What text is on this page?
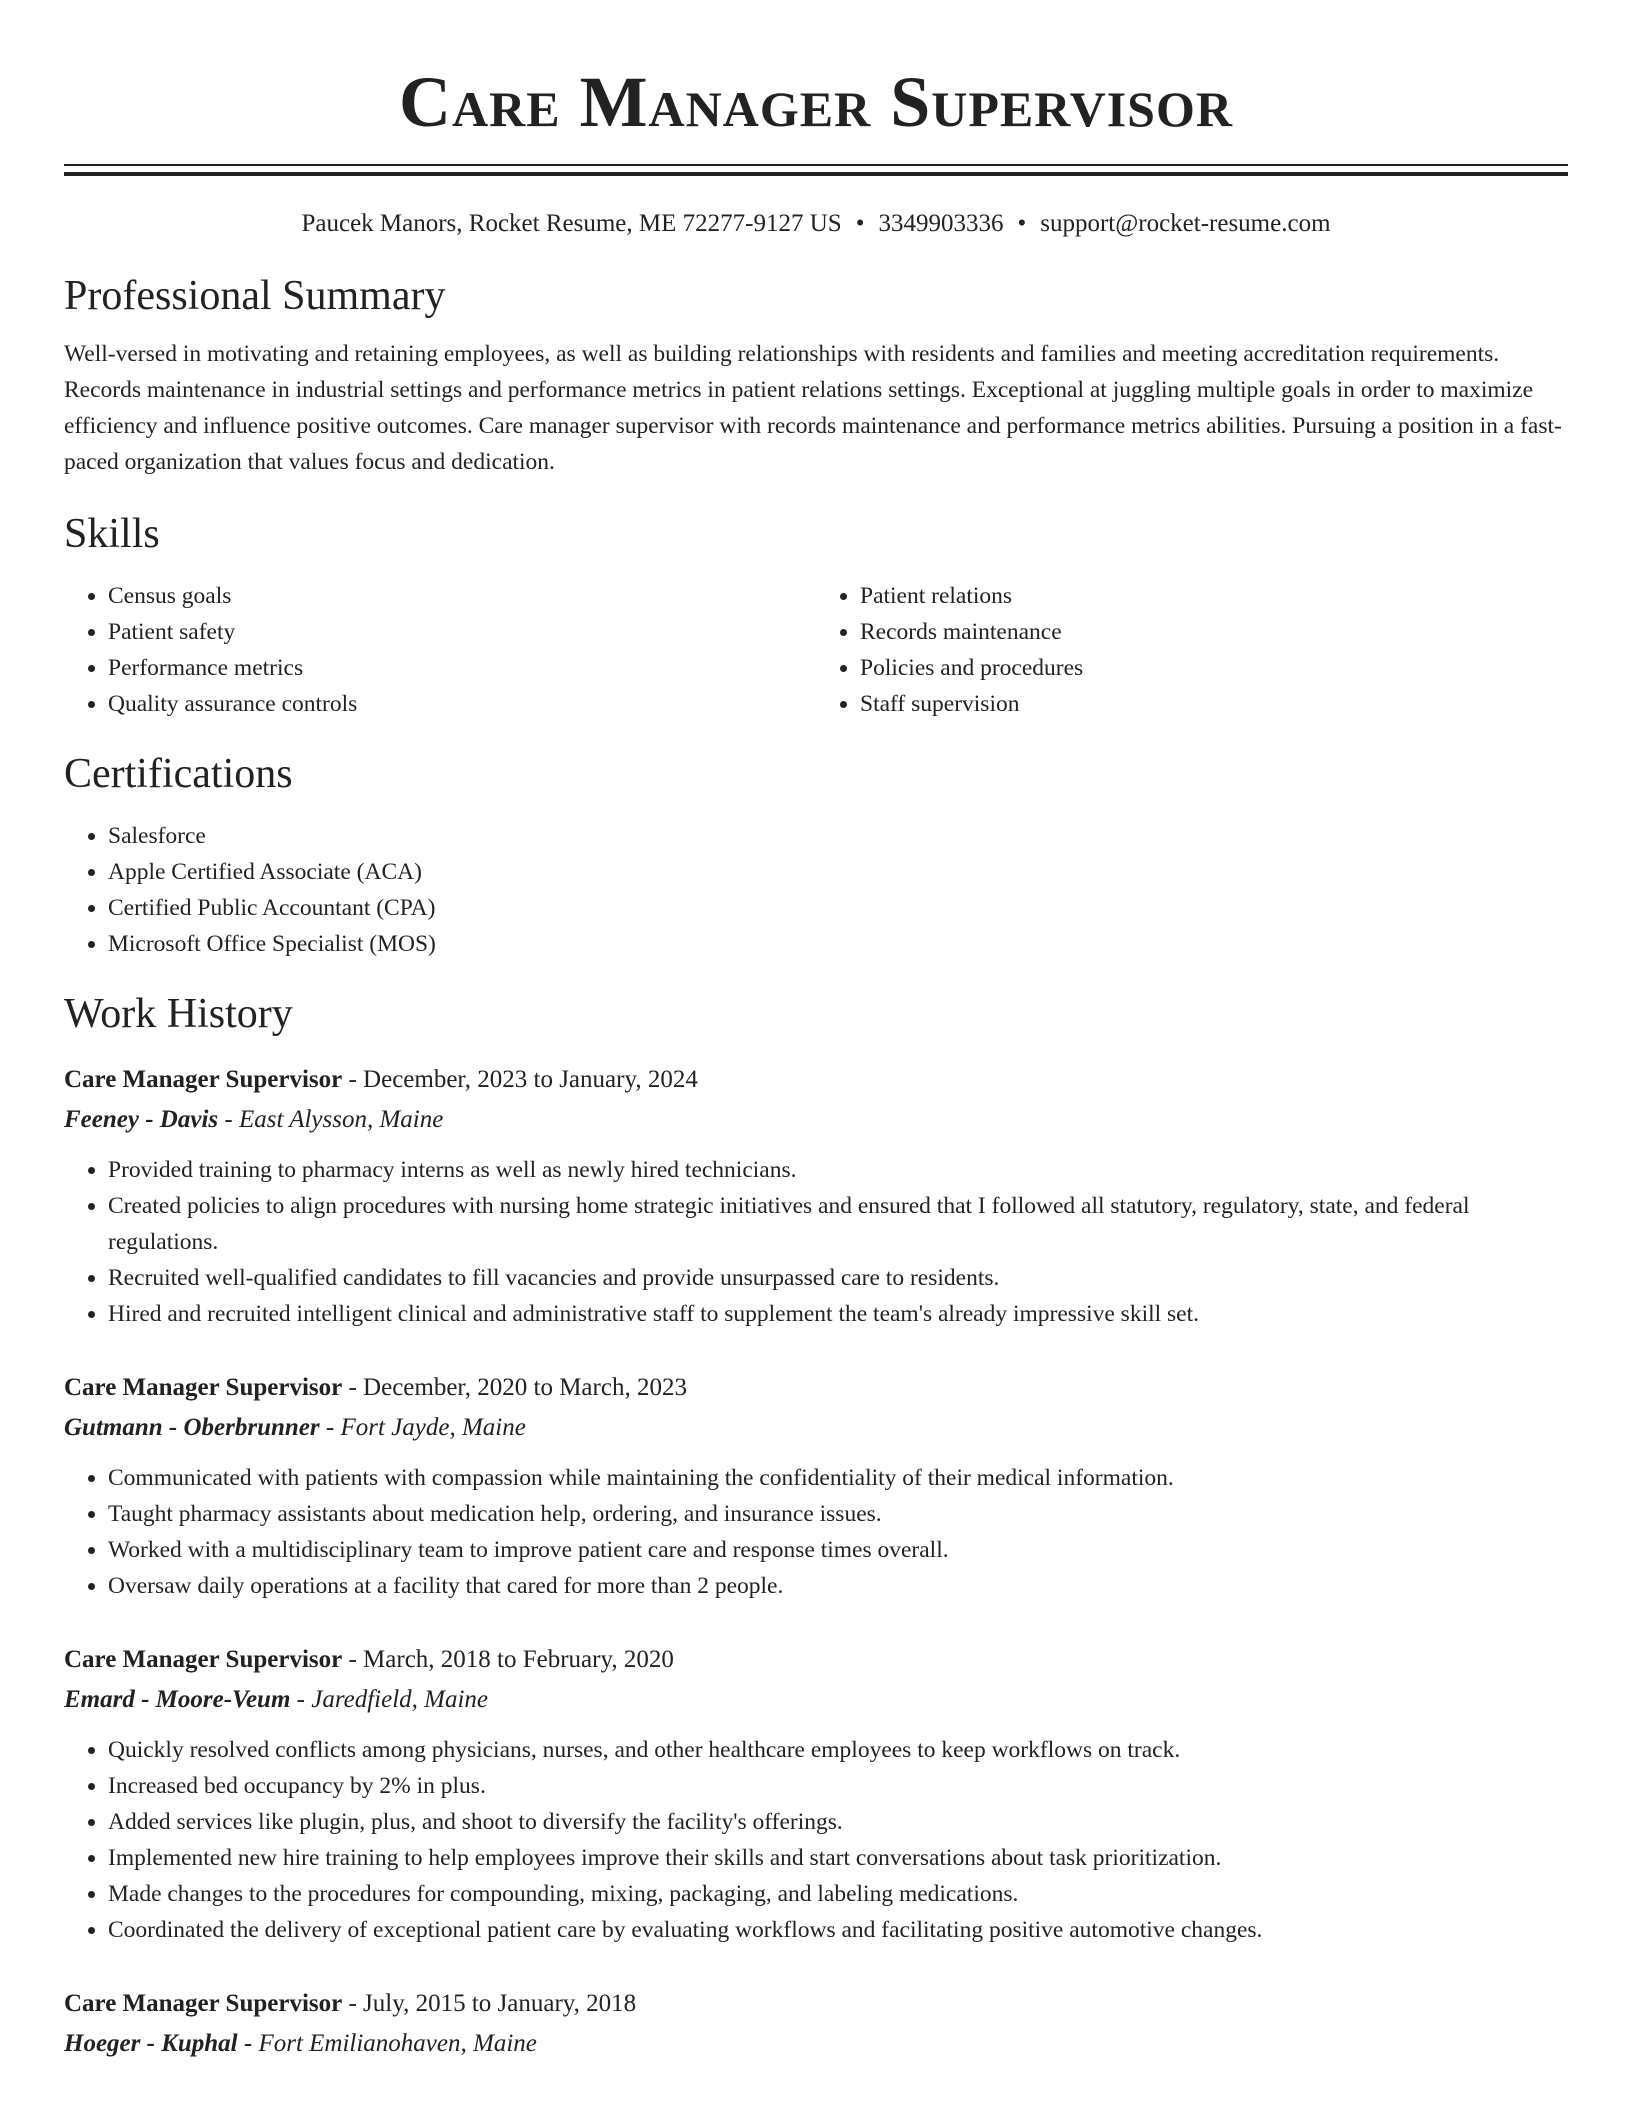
Care Manager Supervisor
Paucek Manors, Rocket Resume, ME 72277-9127 US • 3349903336 • support@rocket-resume.com
Professional Summary

Well-versed in motivating and retaining employees, as well as building relationships with residents and families and meeting accreditation requirements. Records maintenance in industrial settings and performance metrics in patient relations settings. Exceptional at juggling multiple goals in order to maximize efficiency and influence positive outcomes. Care manager supervisor with records maintenance and performance metrics abilities. Pursuing a position in a fast-paced organization that values focus and dedication.

Skills
• Census goals
• Patient safety
• Performance metrics
• Quality assurance controls
• Patient relations
• Records maintenance
• Policies and procedures
• Staff supervision
Certifications
• Salesforce
• Apple Certified Associate (ACA)
• Certified Public Accountant (CPA)
• Microsoft Office Specialist (MOS)
Work History
Care Manager Supervisor - December, 2023 to January, 2024
Feeney - Davis - East Alysson, Maine
• Provided training to pharmacy interns as well as newly hired technicians.
• Created policies to align procedures with nursing home strategic initiatives and ensured that I followed all statutory, regulatory, state, and federal regulations.
• Recruited well-qualified candidates to fill vacancies and provide unsurpassed care to residents.
• Hired and recruited intelligent clinical and administrative staff to supplement the team's already impressive skill set.
Care Manager Supervisor - December, 2020 to March, 2023
Gutmann - Oberbrunner - Fort Jayde, Maine
• Communicated with patients with compassion while maintaining the confidentiality of their medical information.
• Taught pharmacy assistants about medication help, ordering, and insurance issues.
• Worked with a multidisciplinary team to improve patient care and response times overall.
• Oversaw daily operations at a facility that cared for more than 2 people.
Care Manager Supervisor - March, 2018 to February, 2020
Emard - Moore-Veum - Jaredfield, Maine
• Quickly resolved conflicts among physicians, nurses, and other healthcare employees to keep workflows on track.
• Increased bed occupancy by 2% in plus.
• Added services like plugin, plus, and shoot to diversify the facility's offerings.
• Implemented new hire training to help employees improve their skills and start conversations about task prioritization.
• Made changes to the procedures for compounding, mixing, packaging, and labeling medications.
• Coordinated the delivery of exceptional patient care by evaluating workflows and facilitating positive automotive changes.
Care Manager Supervisor - July, 2015 to January, 2018
Hoeger - Kuphal - Fort Emilianohaven, Maine
